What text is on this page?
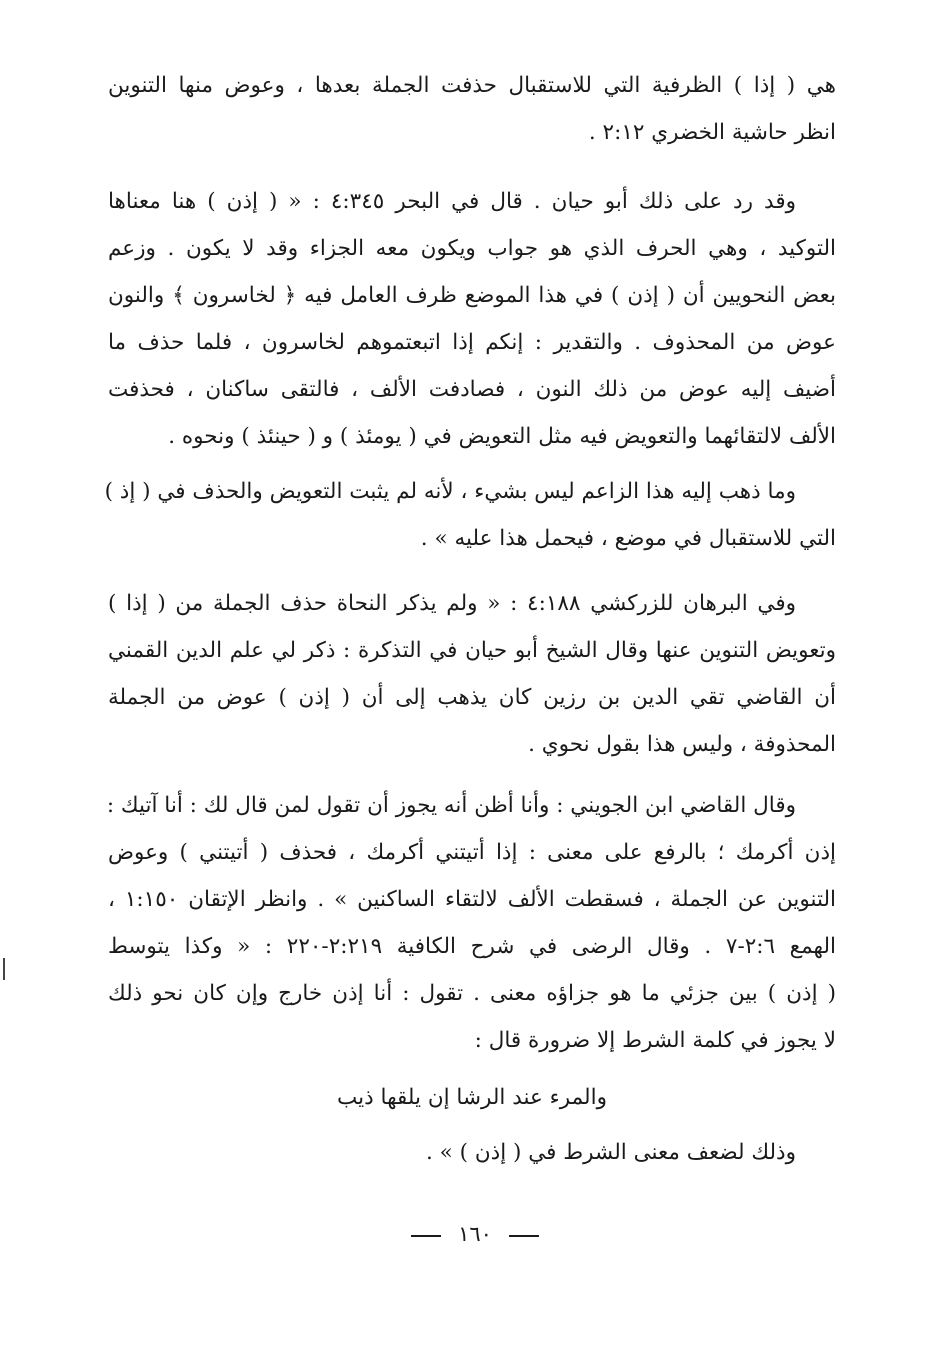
هي ( إذا ) الظرفية التي للاستقبال حذفت الجملة بعدها ، وعوض منها التنوين
انظر حاشية الخضري ٢:١٢ .
وقد رد على ذلك أبو حيان . قال في البحر ٤:٣٤٥ : « ( إذن ) هنا معناها
التوكيد ، وهي الحرف الذي هو جواب ويكون معه الجزاء وقد لا يكون . وزعم
بعض النحويين أن ( إذن ) في هذا الموضع ظرف العامل فيه ﴿ لخاسرون ﴾ والنون
عوض من المحذوف . والتقدير : إنكم إذا اتبعتموهم لخاسرون ، فلما حذف ما
أضيف إليه عوض من ذلك النون ، فصادفت الألف ، فالتقى ساكنان ، فحذفت
الألف لالتقائهما والتعويض فيه مثل التعويض في ( يومئذ ) و ( حينئذ ) ونحوه .
وما ذهب إليه هذا الزاعم ليس بشيء ، لأنه لم يثبت التعويض والحذف في ( إذ )
التي للاستقبال في موضع ، فيحمل هذا عليه » .
وفي البرهان للزركشي ٤:١٨٨ : « ولم يذكر النحاة حذف الجملة من ( إذا )
وتعويض التنوين عنها وقال الشيخ أبو حيان في التذكرة : ذكر لي علم الدين القمني
أن القاضي تقي الدين بن رزين كان يذهب إلى أن ( إذن ) عوض من الجملة
المحذوفة ، وليس هذا بقول نحوي .
وقال القاضي ابن الجويني : وأنا أظن أنه يجوز أن تقول لمن قال لك : أنا آتيك :
إذن أكرمك ؛ بالرفع على معنى : إذا أتيتني أكرمك ، فحذف ( أتيتني ) وعوض
التنوين عن الجملة ، فسقطت الألف لالتقاء الساكنين » . وانظر الإتقان ١:١٥٠ ،
الهمع ٢:٦-٧ . وقال الرضى في شرح الكافية ٢:٢١٩-٢٢٠ : « وكذا يتوسط
( إذن ) بين جزئي ما هو جزاؤه معنى . تقول : أنا إذن خارج وإن كان نحو ذلك
لا يجوز في كلمة الشرط إلا ضرورة قال :
والمرء عند الرشا إن يلقها ذيب
وذلك لضعف معنى الشرط في ( إذن ) » .
١٦٠
